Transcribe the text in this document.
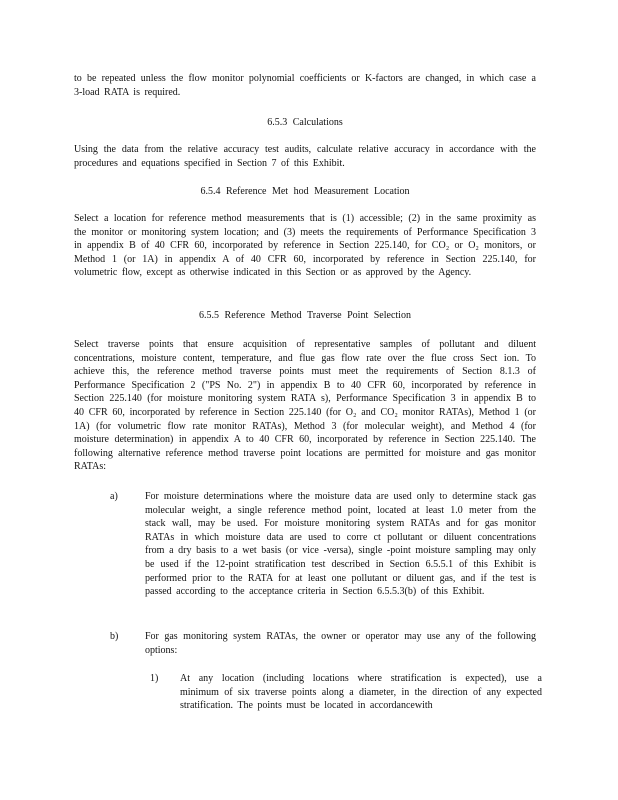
to be repeated unless the flow monitor polynomial coefficients or K-factors are changed, in which case a 3-load RATA is required.

6.5.3 Calculations

Using the data from the relative accuracy test audits, calculate relative accuracy in accordance with the procedures and equations specified in Section 7 of this Exhibit.

6.5.4 Reference Met hod Measurement Location

Select a location for reference method measurements that is (1) accessible; (2) in the same proximity as the monitor or monitoring system location; and (3) meets the requirements of Performance Specification 3 in appendix B of 40 CFR 60, incorporated by reference in Section 225.140, for CO₂ or O₂ monitors, or Method 1 (or 1A) in appendix A of 40 CFR 60, incorporated by reference in Section 225.140, for volumetric flow, except as otherwise indicated in this Section or as approved by the Agency.

6.5.5 Reference Method Traverse Point Selection

Select traverse points that ensure acquisition of representative samples of pollutant and diluent concentrations, moisture content, temperature, and flue gas flow rate over the flue cross Sect ion. To achieve this, the reference method traverse points must meet the requirements of Section 8.1.3 of Performance Specification 2 ("PS No. 2") in appendix B to 40 CFR 60, incorporated by reference in Section 225.140 (for moisture monitoring system RATA s), Performance Specification 3 in appendix B to 40 CFR 60, incorporated by reference in Section 225.140 (for O₂ and CO₂ monitor RATAs), Method 1 (or 1A) (for volumetric flow rate monitor RATAs), Method 3 (for molecular weight), and Method 4 (for moisture determination) in appendix A to 40 CFR 60, incorporated by reference in Section 225.140. The following alternative reference method traverse point locations are permitted for moisture and gas monitor RATAs:

a)	For moisture determinations where the moisture data are used only to determine stack gas molecular weight, a single reference method point, located at least 1.0 meter from the stack wall, may be used. For moisture monitoring system RATAs and for gas monitor RATAs in which moisture data are used to corre ct pollutant or diluent concentrations from a dry basis to a wet basis (or vice -versa), single -point moisture sampling may only be used if the 12-point stratification test described in Section 6.5.5.1 of this Exhibit is performed prior to the RATA for at least one pollutant or diluent gas, and if the test is passed according to the acceptance criteria in Section 6.5.5.3(b) of this Exhibit.

b)	For gas monitoring system RATAs, the owner or operator may use any of the following options:

1) At any location (including locations where stratification is expected), use a minimum of six traverse points along a diameter, in the direction of any expected stratification. The points must be located in accordancewith
